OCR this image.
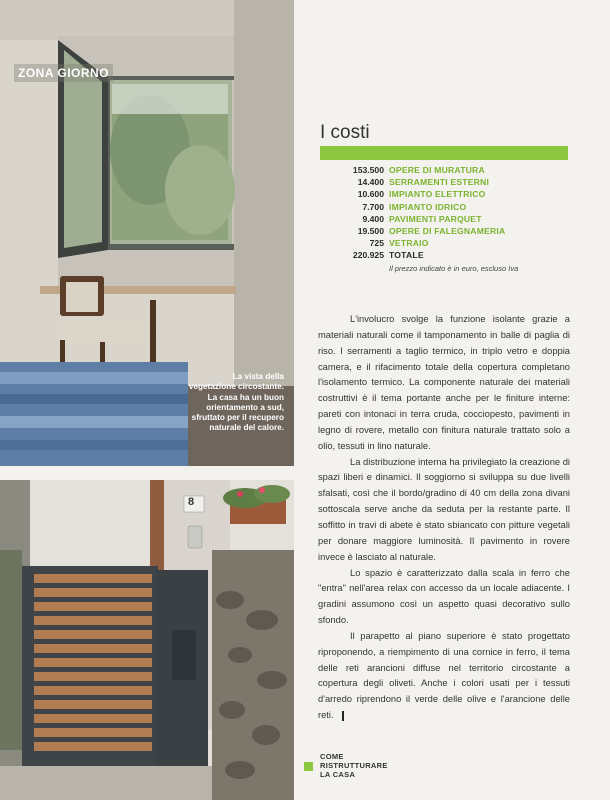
ZONA GIORNO
La vista della vegetazione circostante. La casa ha un buon orientamento a sud, sfruttato per il recupero naturale del calore.
8
I costi
153.500 OPERE DI MURATURA
14.400 SERRAMENTI ESTERNI
10.600 IMPIANTO ELETTRICO
7.700 IMPIANTO IDRICO
9.400 PAVIMENTI PARQUET
19.500 OPERE DI FALEGNAMERIA
725 VETRAIO
220.925 TOTALE
Il prezzo indicato è in euro, escluso Iva

L'involucro svolge la funzione isolante grazie a materiali naturali come il tamponamento in balle di paglia di riso. I serramenti a taglio termico, in triplo vetro e doppia camera, e il rifacimento totale della copertura completano l'isolamento termico. La componente naturale dei materiali costruttivi è il tema portante anche per le finiture interne: pareti con intonaci in terra cruda, cocciopesto, pavimenti in legno di rovere, metallo con finitura naturale trattato solo a olio, tessuti in lino naturale.

La distribuzione interna ha privilegiato la creazione di spazi liberi e dinamici. Il soggiorno si sviluppa su due livelli sfalsati, così che il bordo/gradino di 40 cm della zona divani sottoscala serve anche da seduta per la restante parte. Il soffitto in travi di abete è stato sbiancato con pitture vegetali per donare maggiore luminosità. Il pavimento in rovere invece è lasciato al naturale.

Lo spazio è caratterizzato dalla scala in ferro che "entra" nell'area relax con accesso da un locale adiacente. I gradini assumono così un aspetto quasi decorativo sullo sfondo.

Il parapetto al piano superiore è stato progettato riproponendo, a riempimento di una cornice in ferro, il tema delle reti arancioni diffuse nel territorio circostante a copertura degli oliveti. Anche i colori usati per i tessuti d'arredo riprendono il verde delle olive e l'arancione delle reti.

COME
RISTRUTTURARE
LA CASA
